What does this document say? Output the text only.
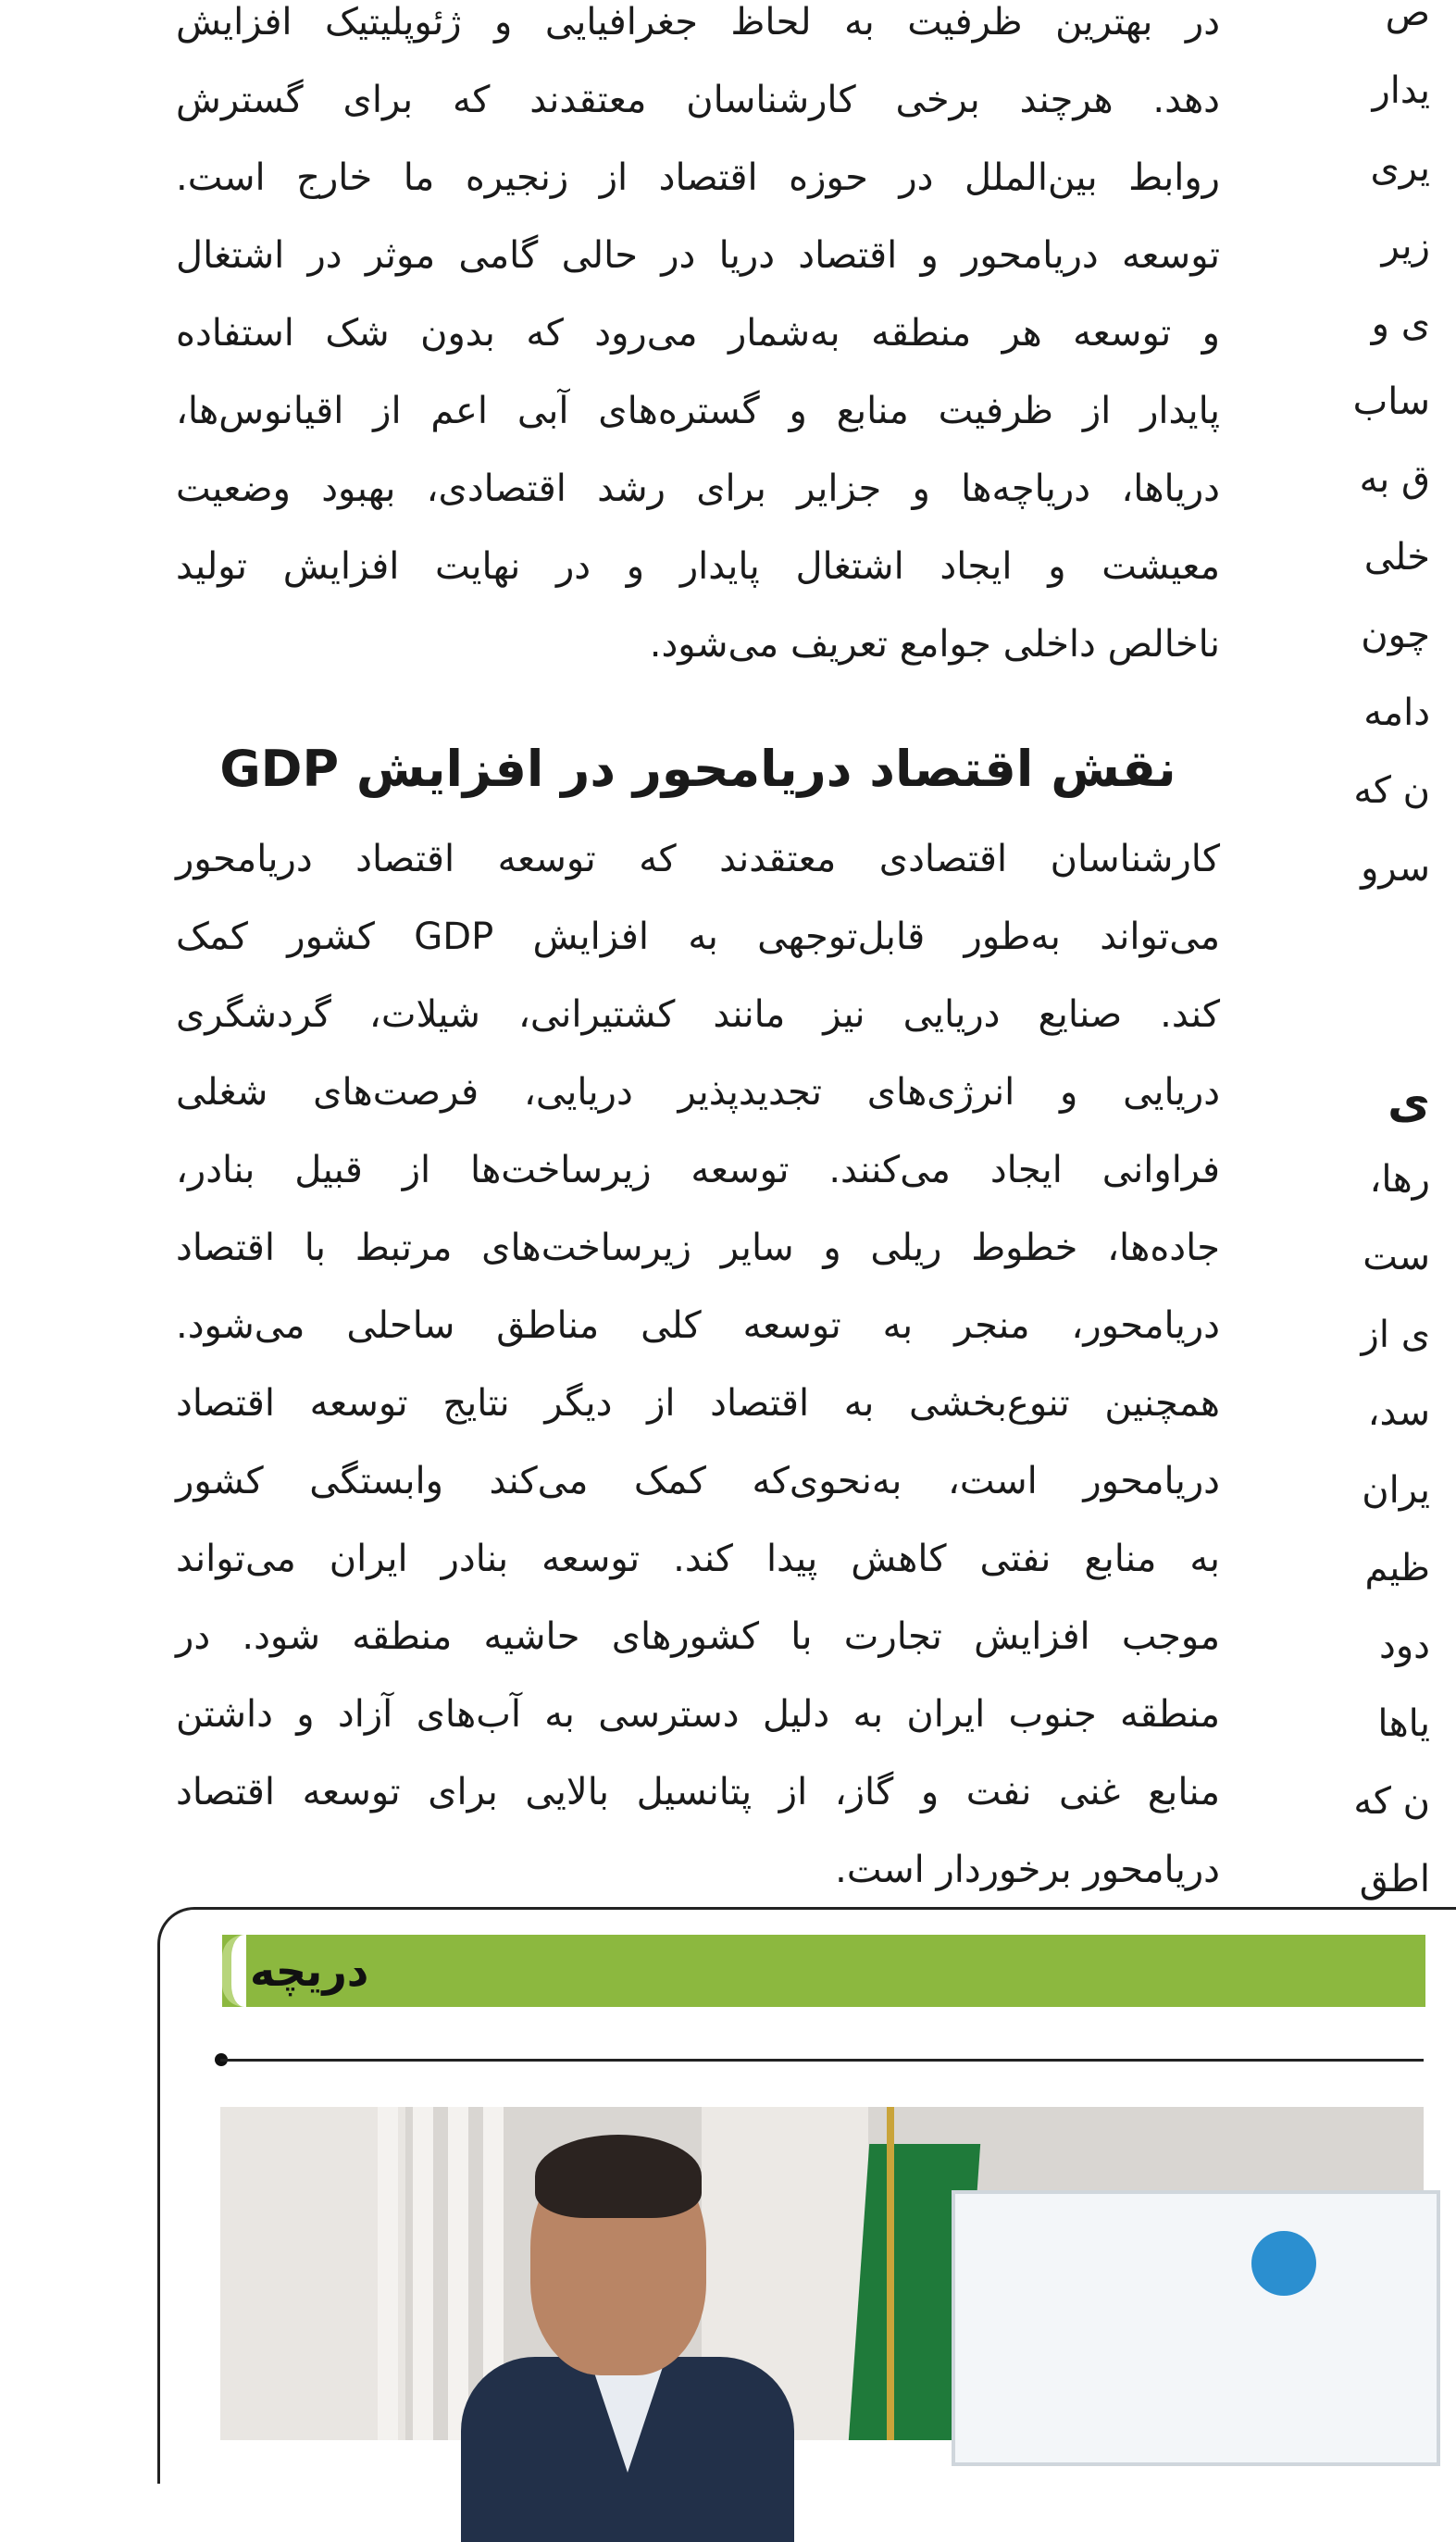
در بهترین ظرفیت به لحاظ جغرافیایی و ژئوپلیتیک افزایش
دهد. هرچند برخی کارشناسان معتقدند که برای گسترش
روابط بین‌الملل در حوزه اقتصاد از زنجیره ما خارج است.
توسعه دریامحور و اقتصاد دریا در حالی گامی موثر در اشتغال
و توسعه هر منطقه به‌شمار می‌رود که بدون شک استفاده
پایدار از ظرفیت منابع و گستره‌های آبی اعم از اقیانوس‌ها،
دریاها، دریاچه‌ها و جزایر برای رشد اقتصادی، بهبود وضعیت
معیشت و ایجاد اشتغال پایدار و در نهایت افزایش تولید
ناخالص داخلی جوامع تعریف می‌شود.
نقش اقتصاد دریامحور در افزایش GDP
کارشناسان اقتصادی معتقدند که توسعه اقتصاد دریامحور
می‌تواند به‌طور قابل‌توجهی به افزایش GDP کشور کمک
کند. صنایع دریایی نیز مانند کشتیرانی، شیلات، گردشگری
دریایی و انرژی‌های تجدیدپذیر دریایی، فرصت‌های شغلی
فراوانی ایجاد می‌کنند. توسعه زیرساخت‌ها از قبیل بنادر،
جاده‌ها، خطوط ریلی و سایر زیرساخت‌های مرتبط با اقتصاد
دریامحور، منجر به توسعه کلی مناطق ساحلی می‌شود.
همچنین تنوع‌بخشی به اقتصاد از دیگر نتایج توسعه اقتصاد
دریامحور است، به‌نحوی‌که کمک می‌کند وابستگی کشور
به منابع نفتی کاهش پیدا کند. توسعه بنادر ایران می‌تواند
موجب افزایش تجارت با کشورهای حاشیه منطقه شود. در
منطقه جنوب ایران به دلیل دسترسی به آب‌های آزاد و داشتن
منابع غنی نفت و گاز، از پتانسیل بالایی برای توسعه اقتصاد
دریامحور برخوردار است.
ص
یدار
یری
زیر
ی و
ساب
ق به
خلی
چون
دامه
ن که
سرو
ی
رها،
ست
ی از
سد،
یران
ظیم
دود
یاها
ن که
اطق
دریچه
